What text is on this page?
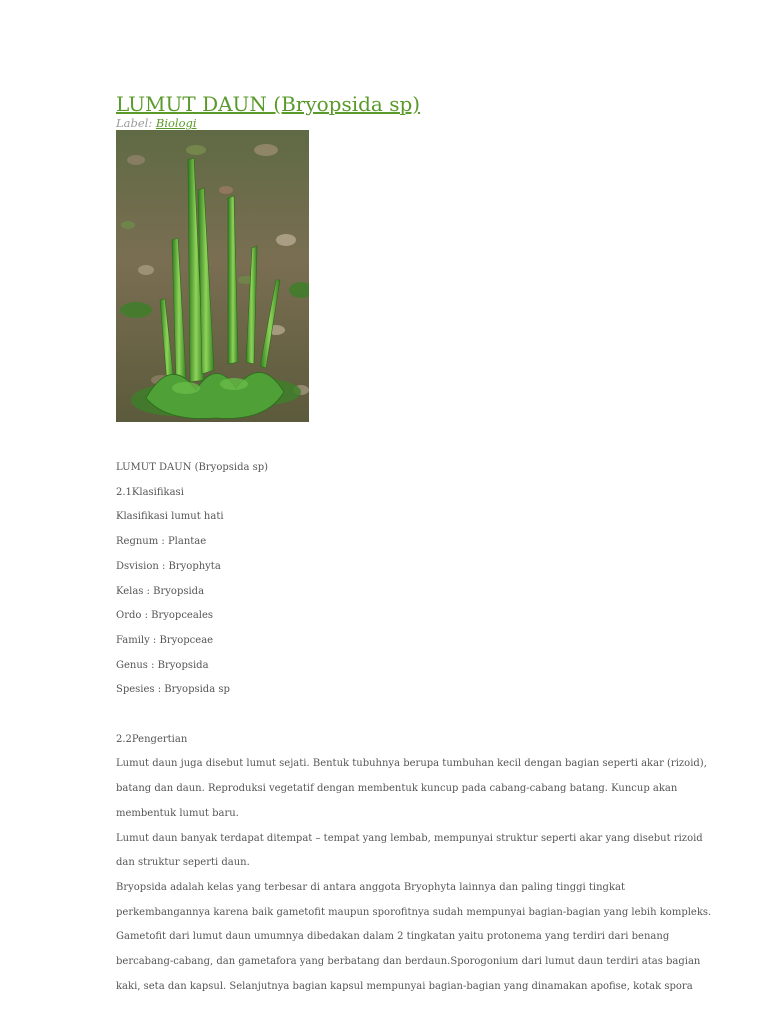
LUMUT DAUN (Bryopsida sp)
Label: Biologi

LUMUT DAUN (Bryopsida sp)

2.1Klasifikasi

Klasifikasi lumut hati

Regnum : Plantae

Dsvision : Bryophyta

Kelas : Bryopsida

Ordo : Bryopceales

Family : Bryopceae

Genus : Bryopsida

Spesies : Bryopsida sp

2.2Pengertian

Lumut daun juga disebut lumut sejati. Bentuk tubuhnya berupa tumbuhan kecil dengan bagian seperti akar (rizoid),

batang dan daun. Reproduksi vegetatif dengan membentuk kuncup pada cabang-cabang batang. Kuncup akan

membentuk lumut baru.

Lumut daun banyak terdapat ditempat – tempat yang lembab, mempunyai struktur seperti akar yang disebut rizoid

dan struktur seperti daun.

Bryopsida adalah kelas yang terbesar di antara anggota Bryophyta lainnya dan paling tinggi tingkat

perkembangannya karena baik gametofit maupun sporofitnya sudah mempunyai bagian-bagian yang lebih kompleks.

Gametofit dari lumut daun umumnya dibedakan dalam 2 tingkatan yaitu protonema yang terdiri dari benang

bercabang-cabang, dan gametafora yang berbatang dan berdaun.Sporogonium dari lumut daun terdiri atas bagian

kaki, seta dan kapsul. Selanjutnya bagian kapsul mempunyai bagian-bagian yang dinamakan apofise, kotak spora
